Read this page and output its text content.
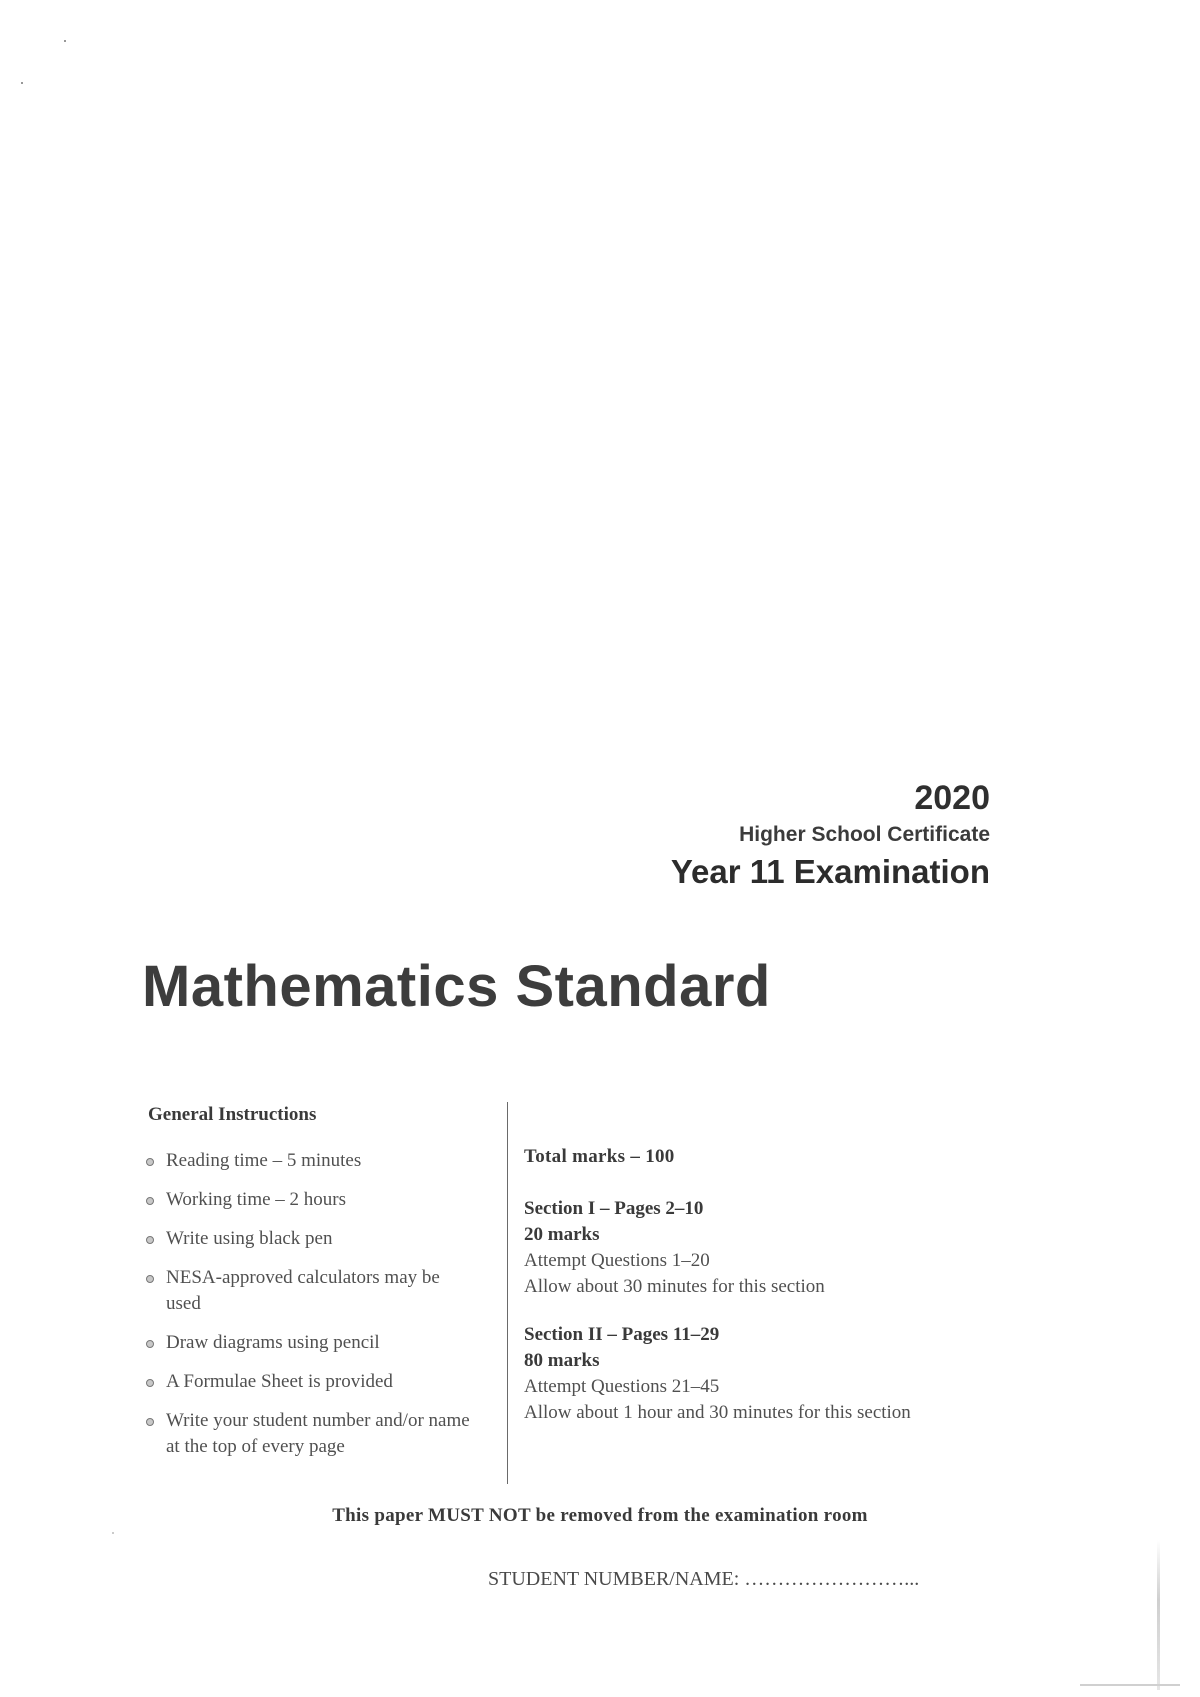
2020
Higher School Certificate
Year 11 Examination
Mathematics Standard
General Instructions
Reading time – 5 minutes
Working time – 2 hours
Write using black pen
NESA-approved calculators may be used
Draw diagrams using pencil
A Formulae Sheet is provided
Write your student number and/or name at the top of every page
Total marks – 100
Section I – Pages 2–10
20 marks
Attempt Questions 1–20
Allow about 30 minutes for this section
Section II – Pages 11–29
80 marks
Attempt Questions 21–45
Allow about 1 hour and 30 minutes for this section
This paper MUST NOT be removed from the examination room
STUDENT NUMBER/NAME: ……………………...
